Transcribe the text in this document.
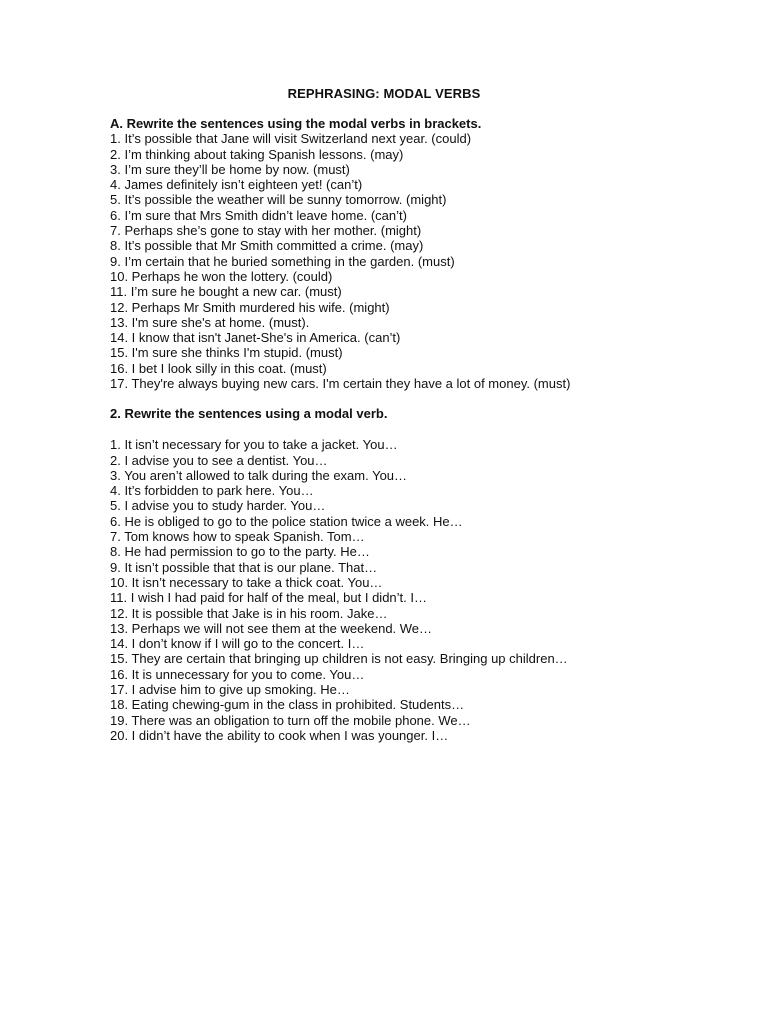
REPHRASING: MODAL VERBS
A. Rewrite the sentences using the modal verbs in brackets.
1. It’s possible that Jane will visit Switzerland next year. (could)
2. I’m thinking about taking Spanish lessons. (may)
3. I’m sure they’ll be home by now. (must)
4. James definitely isn’t eighteen yet! (can’t)
5. It’s possible the weather will be sunny tomorrow. (might)
6. I’m sure that Mrs Smith didn’t leave home. (can’t)
7. Perhaps she’s gone to stay with her mother. (might)
8. It’s possible that Mr Smith committed a crime. (may)
9. I’m certain that he buried something in the garden. (must)
10. Perhaps he won the lottery. (could)
11. I’m sure he bought a new car. (must)
12. Perhaps Mr Smith murdered his wife. (might)
13. I'm sure she's at home. (must).
14. I know that isn't Janet-She's in America. (can’t)
15. I'm sure she thinks I'm stupid. (must)
16. I bet I look silly in this coat. (must)
17. They're always buying new cars. I'm certain they have a lot of money. (must)
2. Rewrite the sentences using a modal verb.
1. It isn’t necessary for you to take a jacket. You…
2. I advise you to see a dentist. You…
3. You aren’t allowed to talk during the exam. You…
4. It’s forbidden to park here. You…
5. I advise you to study harder. You…
6. He is obliged to go to the police station twice a week. He…
7. Tom knows how to speak Spanish. Tom…
8. He had permission to go to the party. He…
9. It isn’t possible that that is our plane. That…
10. It isn’t necessary to take a thick coat. You…
11. I wish I had paid for half of the meal, but I didn’t. I…
12. It is possible that Jake is in his room. Jake…
13. Perhaps we will not see them at the weekend. We…
14. I don’t know if I will go to the concert. I…
15. They are certain that bringing up children is not easy. Bringing up children…
16. It is unnecessary for you to come. You…
17. I advise him to give up smoking. He…
18. Eating chewing-gum in the class in prohibited. Students…
19. There was an obligation to turn off the mobile phone. We…
20. I didn’t have the ability to cook when I was younger. I…
